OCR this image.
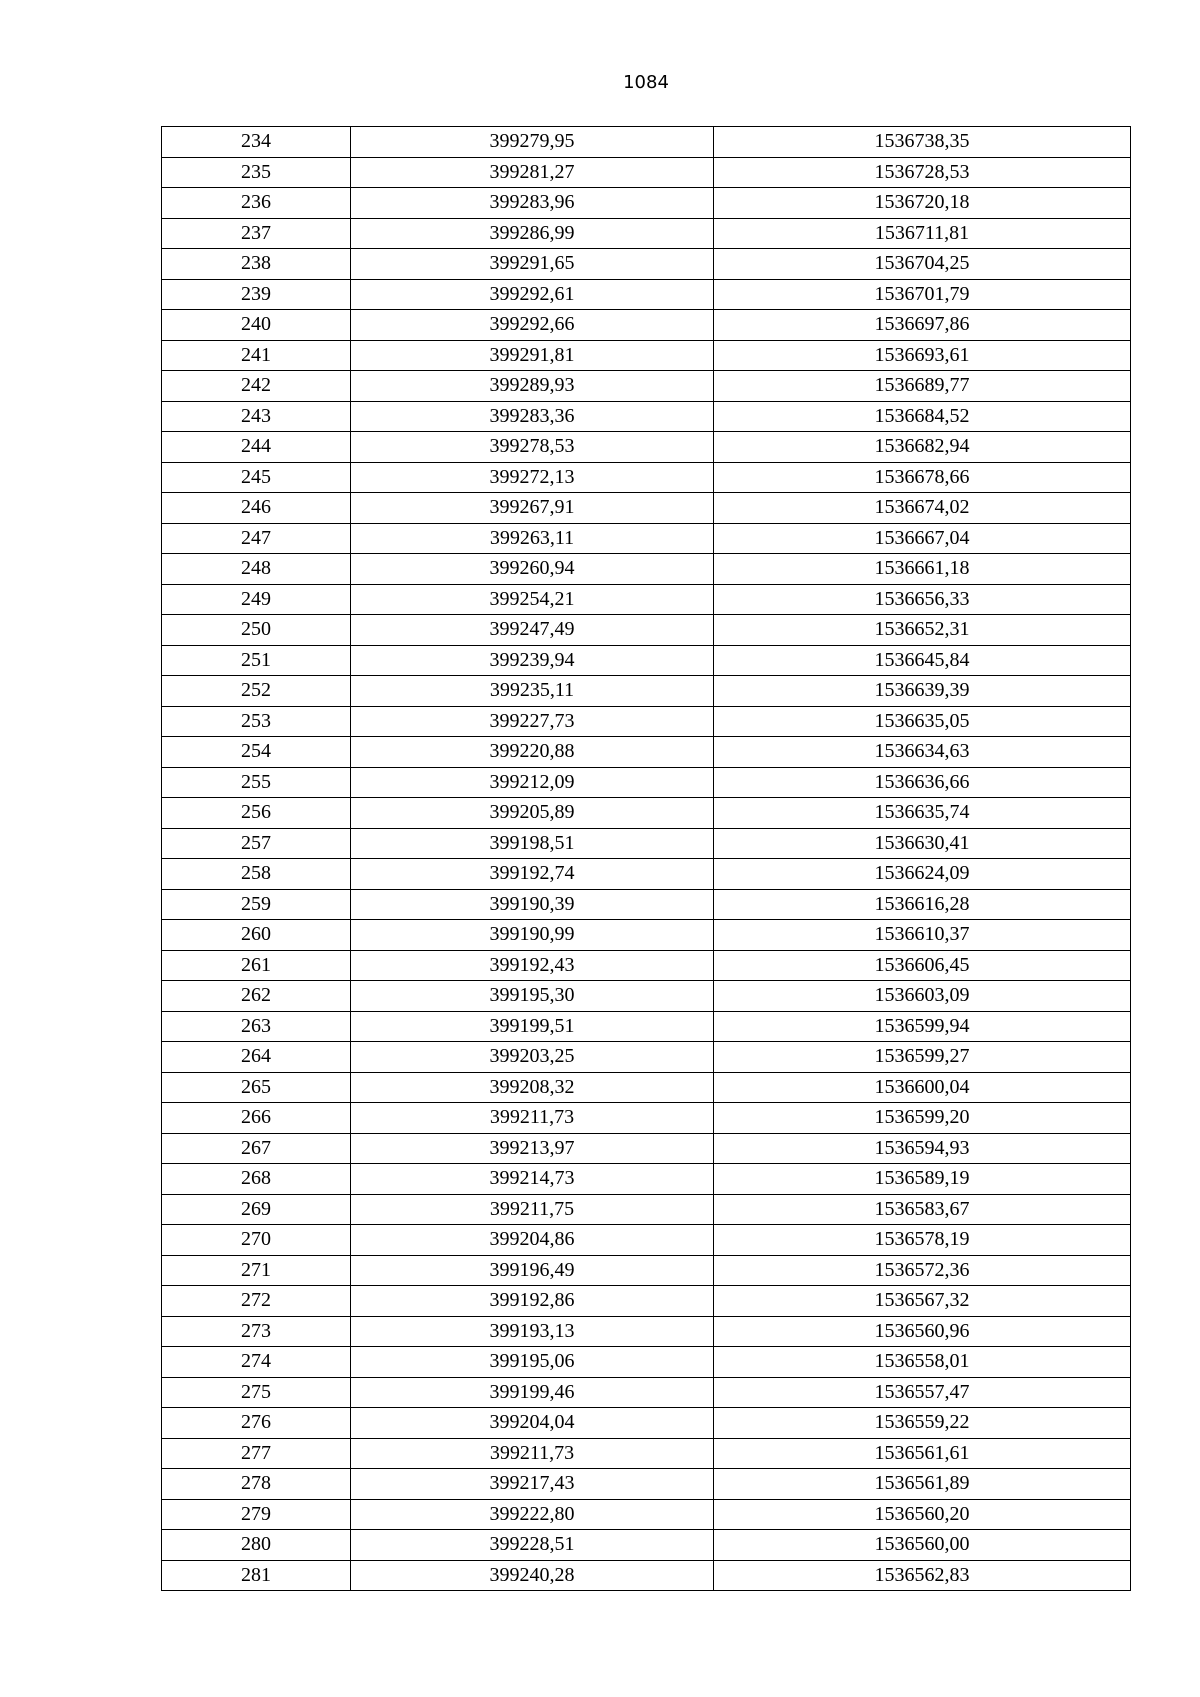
1084
234	399279,95	1536738,35
235	399281,27	1536728,53
236	399283,96	1536720,18
237	399286,99	1536711,81
238	399291,65	1536704,25
239	399292,61	1536701,79
240	399292,66	1536697,86
241	399291,81	1536693,61
242	399289,93	1536689,77
243	399283,36	1536684,52
244	399278,53	1536682,94
245	399272,13	1536678,66
246	399267,91	1536674,02
247	399263,11	1536667,04
248	399260,94	1536661,18
249	399254,21	1536656,33
250	399247,49	1536652,31
251	399239,94	1536645,84
252	399235,11	1536639,39
253	399227,73	1536635,05
254	399220,88	1536634,63
255	399212,09	1536636,66
256	399205,89	1536635,74
257	399198,51	1536630,41
258	399192,74	1536624,09
259	399190,39	1536616,28
260	399190,99	1536610,37
261	399192,43	1536606,45
262	399195,30	1536603,09
263	399199,51	1536599,94
264	399203,25	1536599,27
265	399208,32	1536600,04
266	399211,73	1536599,20
267	399213,97	1536594,93
268	399214,73	1536589,19
269	399211,75	1536583,67
270	399204,86	1536578,19
271	399196,49	1536572,36
272	399192,86	1536567,32
273	399193,13	1536560,96
274	399195,06	1536558,01
275	399199,46	1536557,47
276	399204,04	1536559,22
277	399211,73	1536561,61
278	399217,43	1536561,89
279	399222,80	1536560,20
280	399228,51	1536560,00
281	399240,28	1536562,83
